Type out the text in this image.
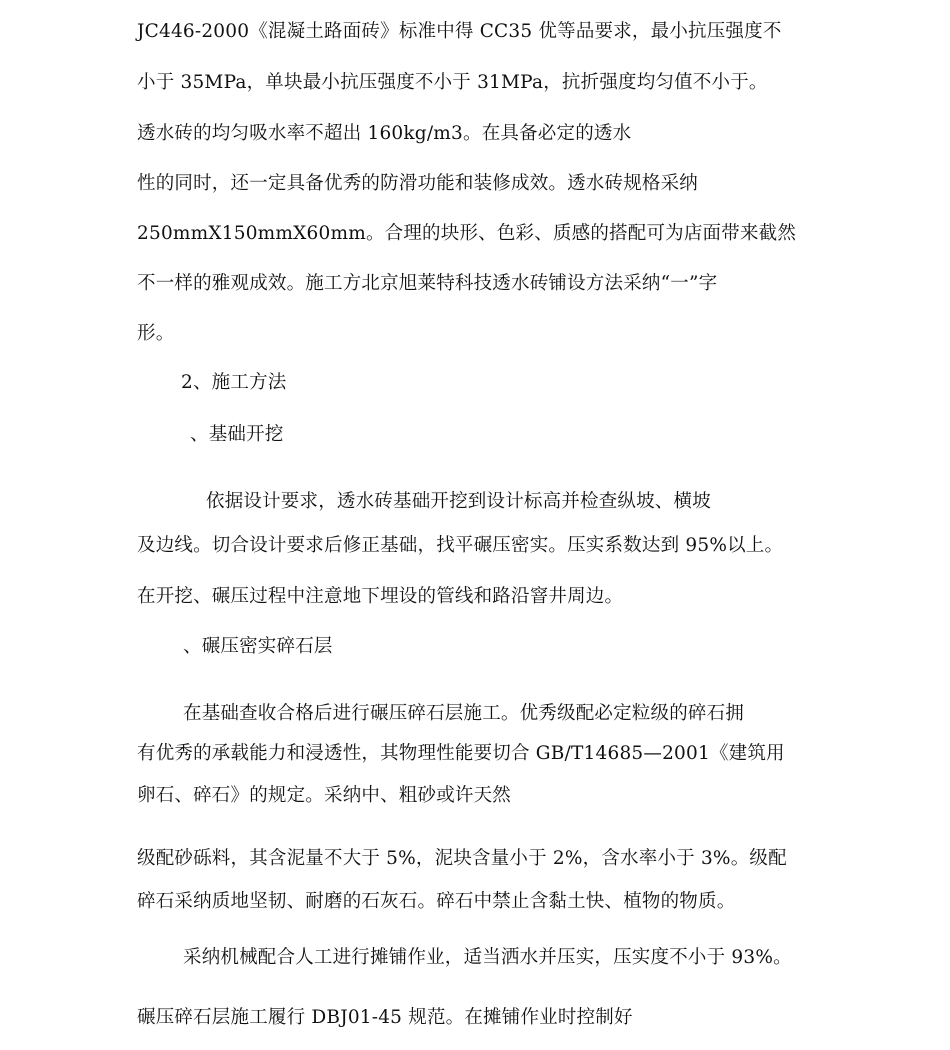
JC446-2000《混凝土路面砖》标准中得 CC35 优等品要求，最小抗压强度不
小于 35MPa，单块最小抗压强度不小于 31MPa，抗折强度均匀值不小于。
透水砖的均匀吸水率不超出 160kg/m3。在具备必定的透水
性的同时，还一定具备优秀的防滑功能和装修成效。透水砖规格采纳
250mmX150mmX60mm。合理的块形、色彩、质感的搭配可为店面带来截然
不一样的雅观成效。施工方北京旭莱特科技透水砖铺设方法采纳“一”字
形。
2、施工方法
、基础开挖
依据设计要求，透水砖基础开挖到设计标高并检查纵坡、横坡
及边线。切合设计要求后修正基础，找平碾压密实。压实系数达到 95%以上。
在开挖、碾压过程中注意地下埋设的管线和路沿窨井周边。
、碾压密实碎石层
在基础查收合格后进行碾压碎石层施工。优秀级配必定粒级的碎石拥
有优秀的承载能力和浸透性，其物理性能要切合 GB/T14685—2001《建筑用
卵石、碎石》的规定。采纳中、粗砂或许天然
级配砂砾料，其含泥量不大于 5%，泥块含量小于 2%，含水率小于 3%。级配
碎石采纳质地坚韧、耐磨的石灰石。碎石中禁止含黏土快、植物的物质。
采纳机械配合人工进行摊铺作业，适当洒水并压实，压实度不小于 93%。
碾压碎石层施工履行 DBJ01-45 规范。在摊铺作业时控制好
